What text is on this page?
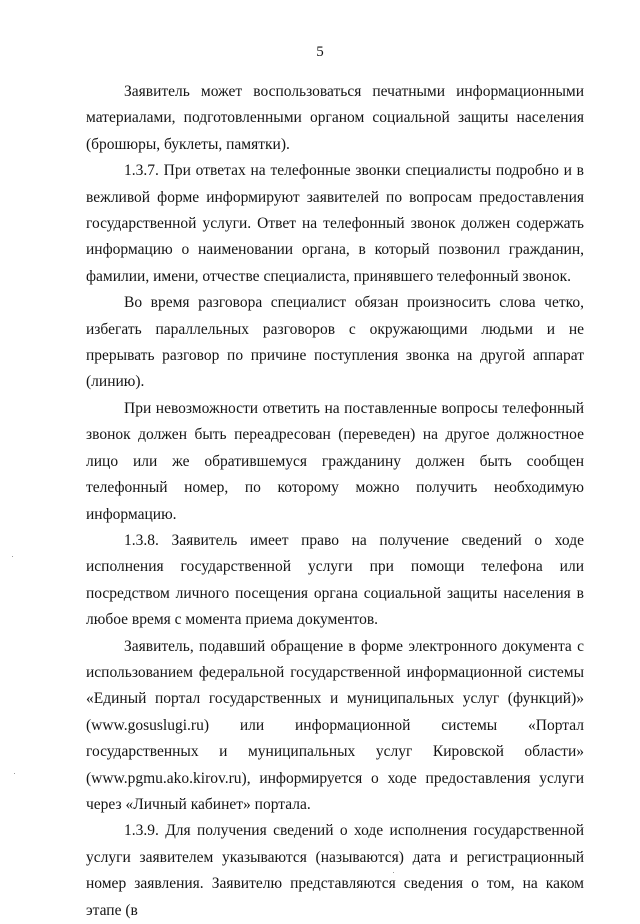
5

Заявитель может воспользоваться печатными информационными материалами, подготовленными органом социальной защиты населения (брошюры, буклеты, памятки).

1.3.7. При ответах на телефонные звонки специалисты подробно и в вежливой форме информируют заявителей по вопросам предоставления государственной услуги. Ответ на телефонный звонок должен содержать информацию о наименовании органа, в который позвонил гражданин, фамилии, имени, отчестве специалиста, принявшего телефонный звонок.

Во время разговора специалист обязан произносить слова четко, избегать параллельных разговоров с окружающими людьми и не прерывать разговор по причине поступления звонка на другой аппарат (линию).

При невозможности ответить на поставленные вопросы телефонный звонок должен быть переадресован (переведен) на другое должностное лицо или же обратившемуся гражданину должен быть сообщен телефонный номер, по которому можно получить необходимую информацию.

1.3.8. Заявитель имеет право на получение сведений о ходе исполнения государственной услуги при помощи телефона или посредством личного посещения органа социальной защиты населения в любое время с момента приема документов.

Заявитель, подавший обращение в форме электронного документа с использованием федеральной государственной информационной системы «Единый портал государственных и муниципальных услуг (функций)» (www.gosuslugi.ru) или информационной системы «Портал государственных и муниципальных услуг Кировской области» (www.pgmu.ako.kirov.ru), информируется о ходе предоставления услуги через «Личный кабинет» портала.

1.3.9. Для получения сведений о ходе исполнения государственной услуги заявителем указываются (называются) дата и регистрационный номер заявления. Заявителю представляются сведения о том, на каком этапе (в
